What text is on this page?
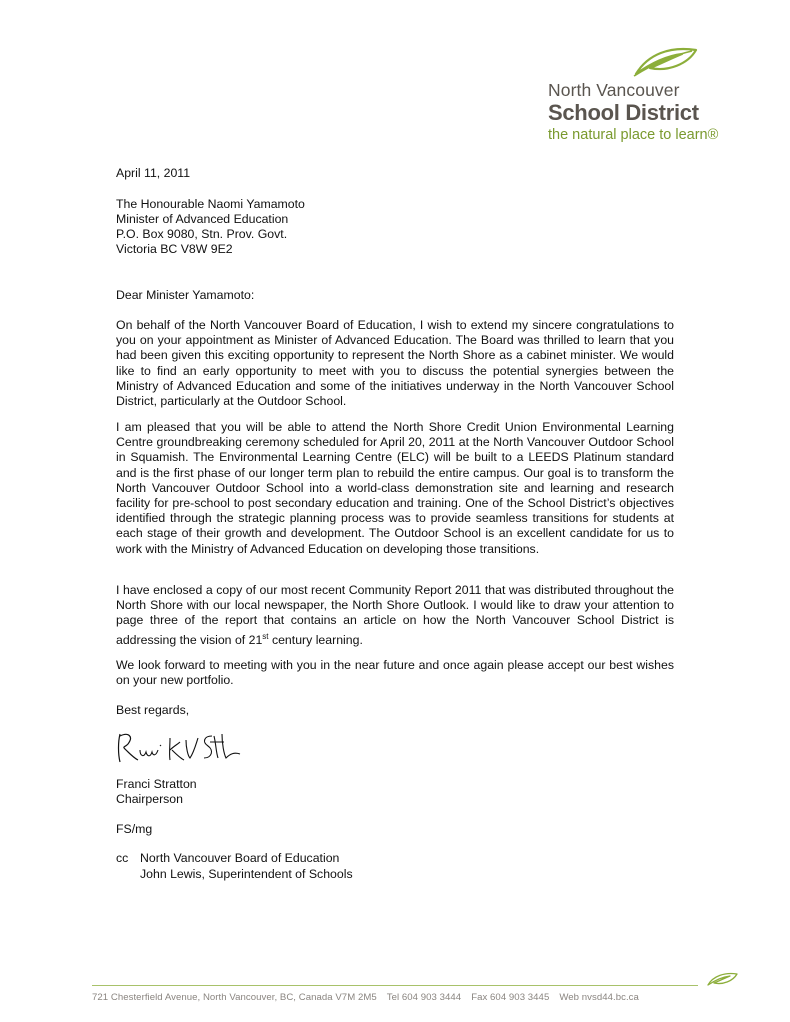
North Vancouver
School District
the natural place to learn®
April 11, 2011
The Honourable Naomi Yamamoto
Minister of Advanced Education
P.O. Box 9080, Stn. Prov. Govt.
Victoria BC V8W 9E2
Dear Minister Yamamoto:

On behalf of the North Vancouver Board of Education, I wish to extend my sincere congratulations to you on your appointment as Minister of Advanced Education. The Board was thrilled to learn that you had been given this exciting opportunity to represent the North Shore as a cabinet minister. We would like to find an early opportunity to meet with you to discuss the potential synergies between the Ministry of Advanced Education and some of the initiatives underway in the North Vancouver School District, particularly at the Outdoor School.

I am pleased that you will be able to attend the North Shore Credit Union Environmental Learning Centre groundbreaking ceremony scheduled for April 20, 2011 at the North Vancouver Outdoor School in Squamish. The Environmental Learning Centre (ELC) will be built to a LEEDS Platinum standard and is the first phase of our longer term plan to rebuild the entire campus. Our goal is to transform the North Vancouver Outdoor School into a world-class demonstration site and learning and research facility for pre-school to post secondary education and training. One of the School District’s objectives identified through the strategic planning process was to provide seamless transitions for students at each stage of their growth and development. The Outdoor School is an excellent candidate for us to work with the Ministry of Advanced Education on developing those transitions.

I have enclosed a copy of our most recent Community Report 2011 that was distributed throughout the North Shore with our local newspaper, the North Shore Outlook. I would like to draw your attention to page three of the report that contains an article on how the North Vancouver School District is addressing the vision of 21st century learning.

We look forward to meeting with you in the near future and once again please accept our best wishes on your new portfolio.

Best regards,
Franci Stratton
Chairperson
FS/mg
cc North Vancouver Board of Education
John Lewis, Superintendent of Schools
721 Chesterfield Avenue, North Vancouver, BC, Canada V7M 2M5 Tel 604 903 3444 Fax 604 903 3445 Web nvsd44.bc.ca
